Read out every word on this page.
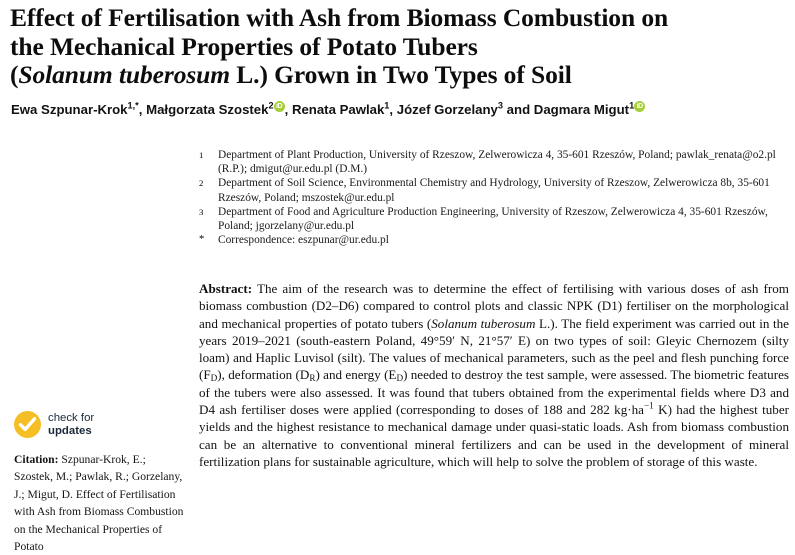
Effect of Fertilisation with Ash from Biomass Combustion on
the Mechanical Properties of Potato Tubers
(Solanum tuberosum L.) Grown in Two Types of Soil
Ewa Szpunar-Krok$^{1,*}$, Małgorzata Szostek$^2$ iD , Renata Pawlak$^1$, Józef Gorzelany$^3$ and Dagmara Migut$^1$iD
$^1$	Department of Plant Production, University of Rzeszow, Zelwerowicza 4, 35-601 Rzeszów, Poland; pawlak_renata@o2.pl (R.P.); dmigut@ur.edu.pl (D.M.)
$^2$	Department of Soil Science, Environmental Chemistry and Hydrology, University of Rzeszow, Zelwerowicza 8b, 35-601 Rzeszów, Poland; mszostek@ur.edu.pl
$^3$	Department of Food and Agriculture Production Engineering, University of Rzeszow, Zelwerowicza 4, 35-601 Rzeszów, Poland; jgorzelany@ur.edu.pl
*	Correspondence: eszpunar@ur.edu.pl
Abstract: The aim of the research was to determine the effect of fertilising with various doses of ash from biomass combustion (D2–D6) compared to control plots and classic NPK (D1) fertiliser on the morphological and mechanical properties of potato tubers (Solanum tuberosum L.). The field experiment was carried out in the years 2019–2021 (south-eastern Poland, 49°59′ N, 21°57′ E) on two types of soil: Gleyic Chernozem (silty loam) and Haplic Luvisol (silt). The values of mechanical parameters, such as the peel and flesh punching force $(F_D)$, deformation $(D_R)$ and energy $(E_D)$ needed to destroy the test sample, were assessed. The biometric features of the tubers were also assessed. It was found that tubers obtained from the experimental fields where D3 and D4 ash fertiliser doses were applied (corresponding to doses of 188 and 282 $kg\cdot ha^{-1}$ K) had the highest tuber yields and the highest resistance to mechanical damage under quasi-static loads. Ash from biomass combustion can be an alternative to conventional mineral fertilizers and can be used in the development of mineral fertilization plans for sustainable agriculture, which will help to solve the problem of storage of this waste.
check for
updates
Citation: Szpunar-Krok, E.; Szostek, M.; Pawlak, R.; Gorzelany, J.; Migut, D. Effect of Fertilisation with Ash from Biomass Combustion on the Mechanical Properties of Potato
